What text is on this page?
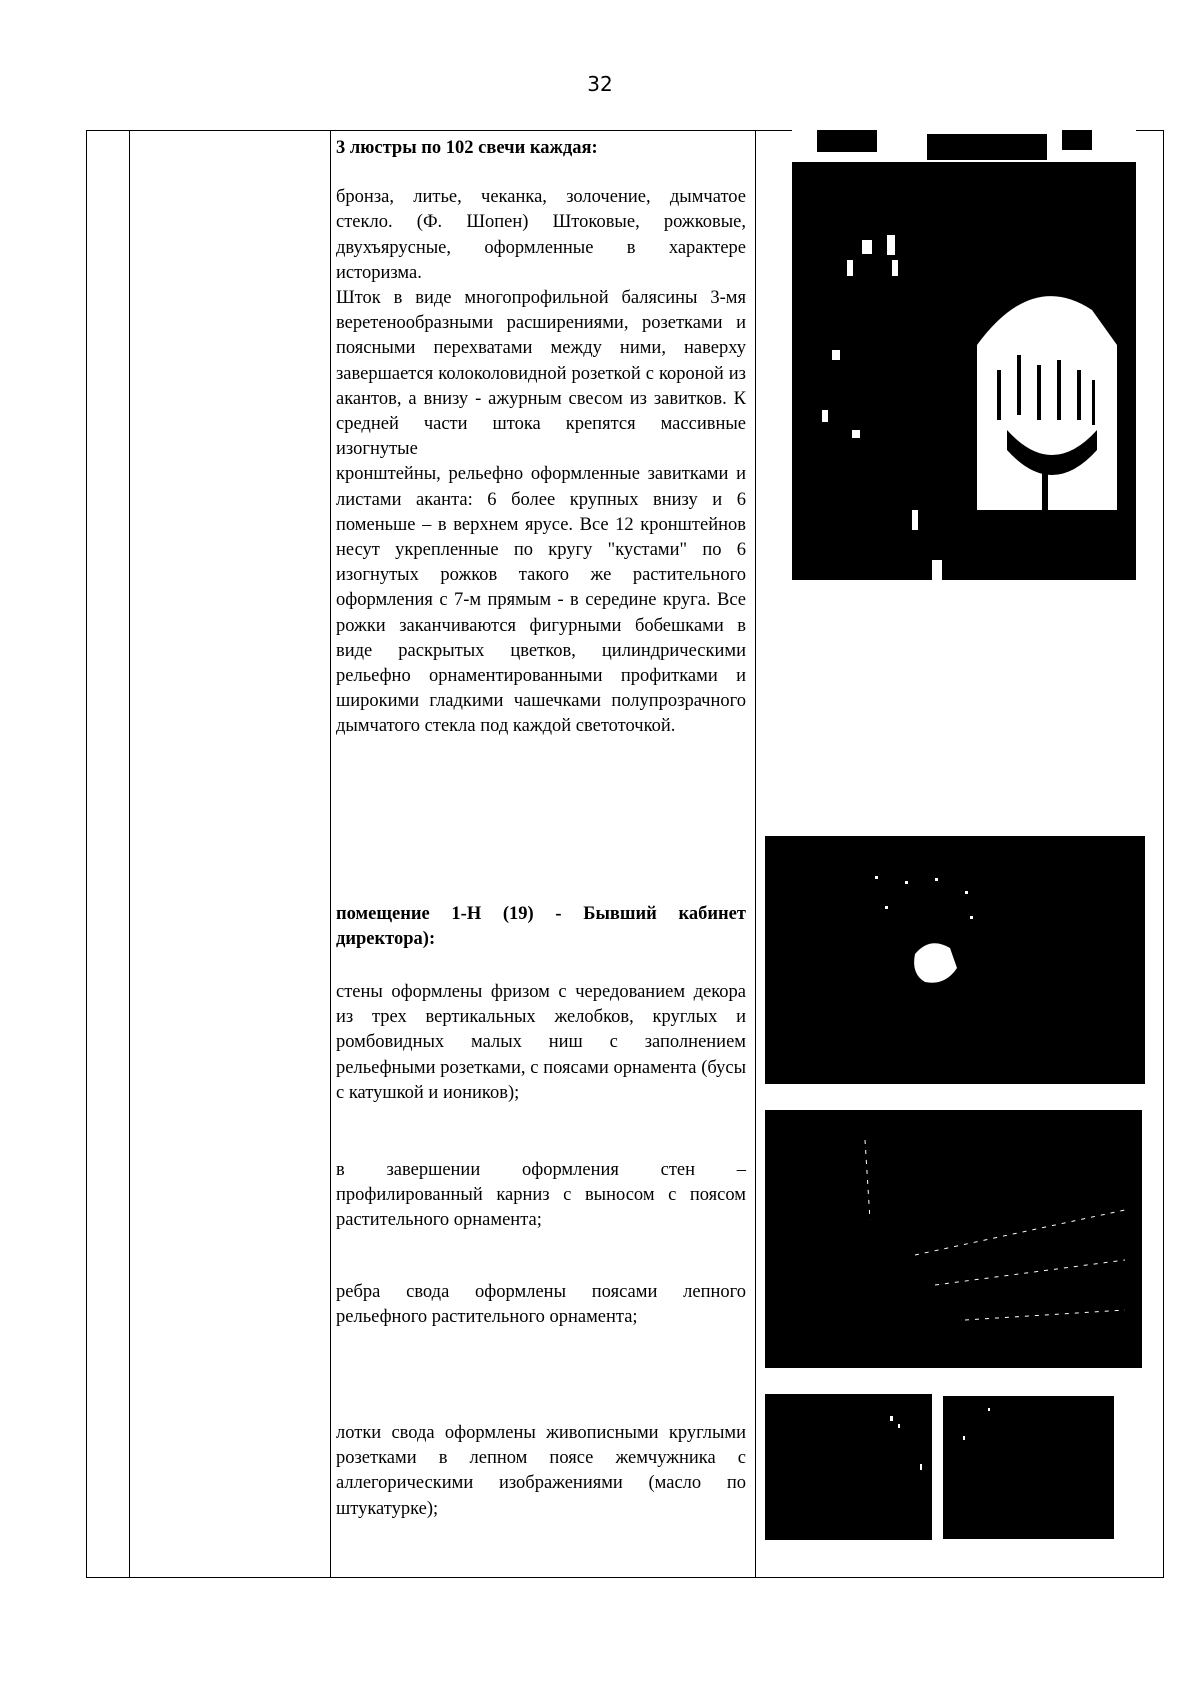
32

3 люстры по 102 свечи каждая:

бронза, литье, чеканка, золочение, дымчатое стекло. (Ф. Шопен) Штоковые, рожковые, двухъярусные, оформленные в характере историзма.

Шток в виде многопрофильной балясины 3-мя веретенообразными расширениями, розетками и поясными перехватами между ними, наверху завершается колоколовидной розеткой с короной из акантов, а внизу - ажурным свесом из завитков. К средней части штока крепятся массивные изогнутые

кронштейны, рельефно оформленные завитками и листами аканта: 6 более крупных внизу и 6 поменьше – в верхнем ярусе. Все 12 кронштейнов несут укрепленные по кругу "кустами" по 6 изогнутых рожков такого же растительного оформления с 7-м прямым - в середине круга. Все рожки заканчиваются фигурными бобешками в виде раскрытых цветков, цилиндрическими рельефно орнаментированными профитками и широкими гладкими чашечками полупрозрачного дымчатого стекла под каждой светоточкой.

помещение 1-Н (19) - Бывший кабинет директора):

стены оформлены фризом с чередованием декора из трех вертикальных желобков, круглых и ромбовидных малых ниш с заполнением рельефными розетками, с поясами орнамента (бусы с катушкой и иоников);

в завершении оформления стен – профилированный карниз с выносом с поясом растительного орнамента;

ребра свода оформлены поясами лепного рельефного растительного орнамента;

лотки свода оформлены живописными круглыми розетками в лепном поясе жемчужника с аллегорическими изображениями (масло по штукатурке);
